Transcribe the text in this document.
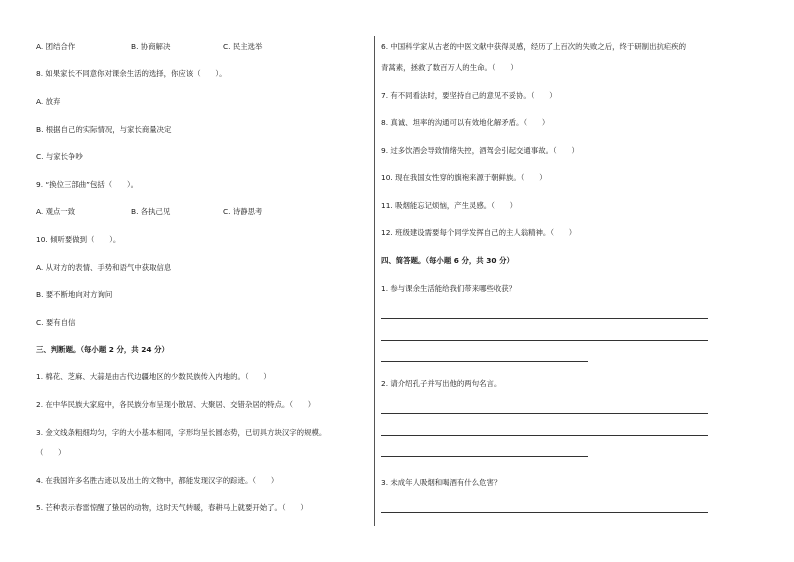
A. 团结合作	B. 协商解决	C. 民主选举
8. 如果家长不同意你对课余生活的选择，你应该（　　）。
A. 放弃
B. 根据自己的实际情况，与家长商量决定
C. 与家长争吵
9. “换位三部曲”包括（　　）。
A. 观点一致	B. 各执己见	C. 诗静思考
10. 倾听要做到（　　）。
A. 从对方的表情、手势和语气中获取信息
B. 要不断地向对方询问
C. 要有自信
三、判断题。（每小题 2 分，共 24 分）
1. 棉花、芝麻、大蒜是由古代边疆地区的少数民族传入内地的。（　　）
2. 在中华民族大家庭中，各民族分布呈现小散居、大聚居、交错杂居的特点。（　　）
3. 金文线条粗细均匀，字的大小基本相同，字形均呈长圆态势，已切具方块汉字的规模。
（　　）
4. 在我国许多名胜古迹以及出土的文物中，都能发现汉字的踪迹。（　　）
5. 芒种表示春雷惊醒了蛰居的动物，这时天气转暖，春耕马上就要开始了。（　　）
6. 中国科学家从古老的中医文献中获得灵感，经历了上百次的失败之后，终于研制出抗疟疾的
青蒿素，拯救了数百万人的生命。（　　）
7. 有不同看法时，要坚持自己的意见不妥协。（　　）
8. 真诚、坦率的沟通可以有效地化解矛盾。（　　）
9. 过多饮酒会导致情绪失控，酒驾会引起交通事故。（　　）
10. 现在我国女性穿的旗袍来源于朝鲜族。（　　）
11. 吸烟能忘记烦恼，产生灵感。（　　）
12. 班级建设需要每个同学发挥自己的主人翁精神。（　　）
四、简答题。（每小题 6 分，共 30 分）
1. 参与课余生活能给我们带来哪些收获？
2. 请介绍孔子并写出他的两句名言。
3. 未成年人吸烟和喝酒有什么危害？
